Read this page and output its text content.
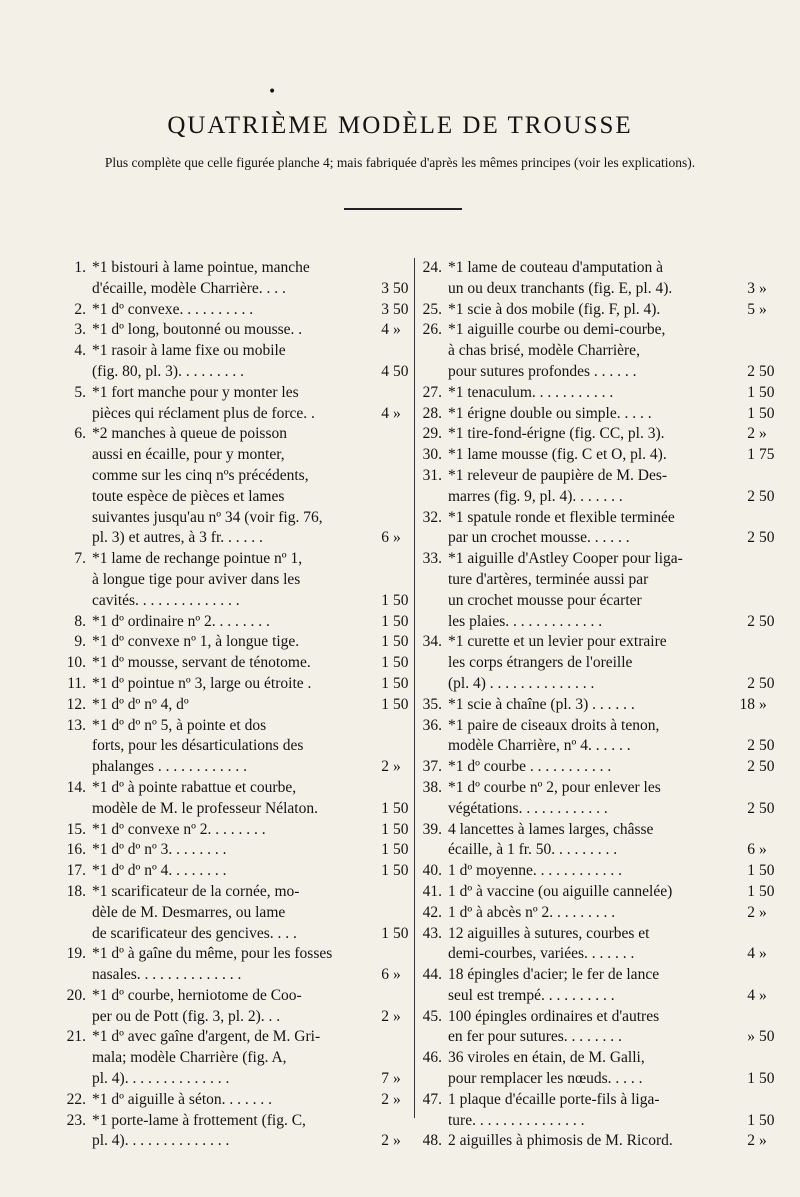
•
QUATRIÈME MODÈLE DE TROUSSE
Plus complète que celle figurée planche 4; mais fabriquée d'après les mêmes principes (voir les explications).
1. *1 bistouri à lame pointue, manche
d'écaille, modèle Charrière. . . .	3 50
2. *1 dº convexe. . . . . . . . . .	3 50
3. *1 dº long, boutonné ou mousse. .	4 »
4. *1 rasoir à lame fixe ou mobile
(fig. 80, pl. 3). . . . . . . . .	4 50
5. *1 fort manche pour y monter les
pièces qui réclament plus de force. .	4 »
6. *2 manches à queue de poisson
aussi en écaille, pour y monter,
comme sur les cinq nºs précédents,
toute espèce de pièces et lames
suivantes jusqu'au nº 34 (voir fig. 76,
pl. 3) et autres, à 3 fr. . . . . .	6 »
7. *1 lame de rechange pointue nº 1,
à longue tige pour aviver dans les
cavités. . . . . . . . . . . . . .	1 50
8. *1 dº ordinaire nº 2. . . . . . . .	1 50
9. *1 dº convexe nº 1, à longue tige.	1 50
10. *1 dº mousse, servant de ténotome.	1 50
11. *1 dº pointue nº 3, large ou étroite .	1 50
12. *1 dº dº nº 4, dº	1 50
13. *1 dº dº nº 5, à pointe et dos
forts, pour les désarticulations des
phalanges . . . . . . . . . . . .	2 »
14. *1 dº à pointe rabattue et courbe,
modèle de M. le professeur Nélaton.	1 50
15. *1 dº convexe nº 2. . . . . . . .	1 50
16. *1 dº dº nº 3. . . . . . . .	1 50
17. *1 dº dº nº 4. . . . . . . .	1 50
18. *1 scarificateur de la cornée, mo-
dèle de M. Desmarres, ou lame
de scarificateur des gencives. . . .	1 50
19. *1 dº à gaîne du même, pour les fosses
nasales. . . . . . . . . . . . . .	6 »
20. *1 dº courbe, herniotome de Coo-
per ou de Pott (fig. 3, pl. 2). . .	2 »
21. *1 dº avec gaîne d'argent, de M. Gri-
mala; modèle Charrière (fig. A,
pl. 4). . . . . . . . . . . . . .	7 »
22. *1 dº aiguille à séton. . . . . . .	2 »
23. *1 porte-lame à frottement (fig. C,
pl. 4). . . . . . . . . . . . . .	2 »
24. *1 lame de couteau d'amputation à
un ou deux tranchants (fig. E, pl. 4).	3 »
25. *1 scie à dos mobile (fig. F, pl. 4).	5 »
26. *1 aiguille courbe ou demi-courbe,
à chas brisé, modèle Charrière,
pour sutures profondes . . . . . .	2 50
27. *1 tenaculum. . . . . . . . . . .	1 50
28. *1 érigne double ou simple. . . . .	1 50
29. *1 tire-fond-érigne (fig. CC, pl. 3).	2 »
30. *1 lame mousse (fig. C et O, pl. 4).	1 75
31. *1 releveur de paupière de M. Des-
marres (fig. 9, pl. 4). . . . . . .	2 50
32. *1 spatule ronde et flexible terminée
par un crochet mousse. . . . . .	2 50
33. *1 aiguille d'Astley Cooper pour liga-
ture d'artères, terminée aussi par
un crochet mousse pour écarter
les plaies. . . . . . . . . . . . .	2 50
34. *1 curette et un levier pour extraire
les corps étrangers de l'oreille
(pl. 4) . . . . . . . . . . . . . .	2 50
35. *1 scie à chaîne (pl. 3) . . . . . .	18 »
36. *1 paire de ciseaux droits à tenon,
modèle Charrière, nº 4. . . . . .	2 50
37. *1 dº courbe . . . . . . . . . . .	2 50
38. *1 dº courbe nº 2, pour enlever les
végétations. . . . . . . . . . . .	2 50
39. 4 lancettes à lames larges, châsse
écaille, à 1 fr. 50. . . . . . . . .	6 »
40. 1 dº moyenne. . . . . . . . . . . .	1 50
41. 1 dº à vaccine (ou aiguille cannelée)	1 50
42. 1 dº à abcès nº 2. . . . . . . . .	2 »
43. 12 aiguilles à sutures, courbes et
demi-courbes, variées. . . . . . .	4 »
44. 18 épingles d'acier; le fer de lance
seul est trempé. . . . . . . . . .	4 »
45. 100 épingles ordinaires et d'autres
en fer pour sutures. . . . . . . .	» 50
46. 36 viroles en étain, de M. Galli,
pour remplacer les nœuds. . . . .	1 50
47. 1 plaque d'écaille porte-fils à liga-
ture. . . . . . . . . . . . . . .	1 50
48. 2 aiguilles à phimosis de M. Ricord.	2 »
